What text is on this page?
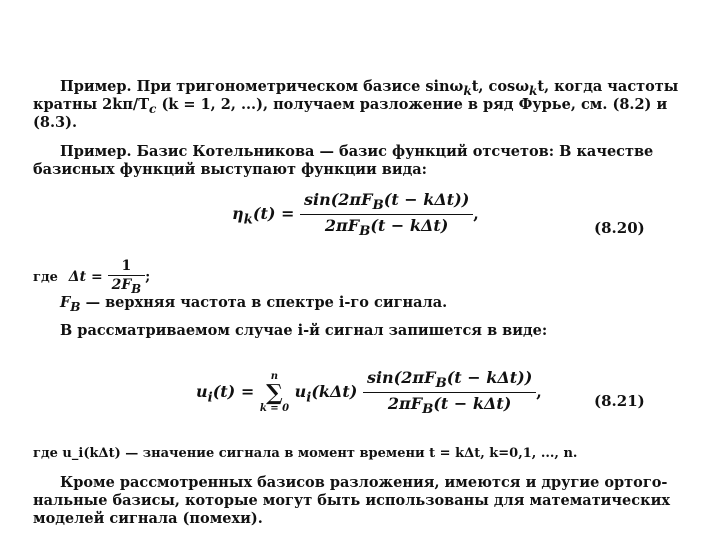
Пример. При тригонометрическом базисе sinω$_k$t, cosω$_k$t, когда частоты
кратны $2k\pi/T_c$ (k = 1, 2, ...), получаем разложение в ряд Фурье, см. (8.2) и
(8.3).
Пример. Базис Котельникова — базис функций отсчетов: В качестве
базисных функций выступают функции вида:
$\eta_k(t) = \frac{\sin(2\pi F_B(t - k\Delta t))}{2\pi F_B(t - k\Delta t)}$ ,
(8.20)
где $\Delta t = \frac{1}{2F_B}$ ;
$F_B$ — верхняя частота в спектре i-го сигнала.
В рассматриваемом случае i-й сигнал запишется в виде:
$u_i(t)$ =
n
∑
k = 0
$u_i(k\Delta t) \frac{\sin(2\pi F_B(t - k\Delta t))}{2\pi F_B(t - k\Delta t)}$ ,	(8.21)
где u_i(kΔt) — значение сигнала в момент времени t = kΔt, k=0,1, ..., n.
Кроме рассмотренных базисов разложения, имеются и другие ортого-
нальные базисы, которые могут быть использованы для математических
моделей сигнала (помехи).
